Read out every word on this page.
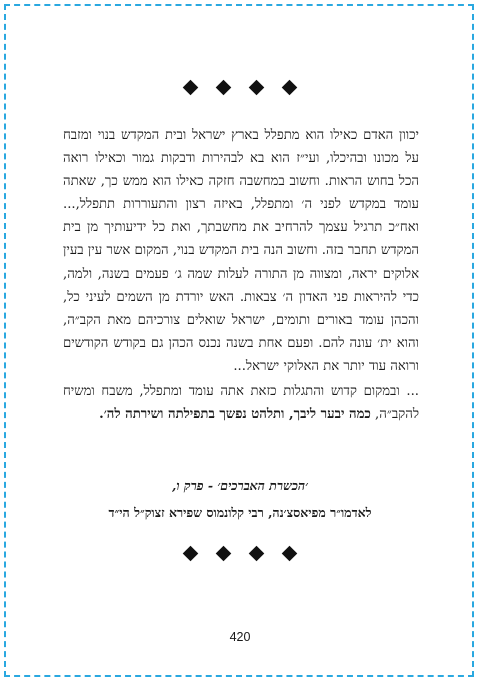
יכוון האדם כאילו הוא מתפלל בארץ ישראל ובית המקדש בנוי ומזבח על מכונו ובהיכלו, ועי״ז הוא בא לבהירות ודבקות גמור וכאילו רואה הכל בחוש הראות. וחשוב במחשבה חזקה כאילו הוא ממש כך, שאתה עומד במקדש לפני ה׳ ומתפלל, באיזה רצון והתעוררות תתפלל,... ואח״כ תרגיל עצמך להרחיב את מחשבתך, ואת כל ידיעותיך מן בית המקדש תחבר בזה. וחשוב הנה בית המקדש בנוי, המקום אשר עין בעין אלוקים יראה, ומצווה מן התורה לעלות שמה ג׳ פעמים בשנה, ולמה, כדי להיראות פני האדון ה׳ צבאות. האש יורדת מן השמים לעיני כל, והכהן עומד באורים ותומים, ישראל שואלים צורכיהם מאת הקב״ה, והוא ית׳ עונה להם. ופעם אחת בשנה נכנס הכהן גם בקודש הקודשים ורואה עוד יותר את האלוקי ישראל...

... ובמקום קדוש והתגלות כזאת אתה עומד ומתפלל, משבח ומשיח להקב״ה, כמה יבער ליבך, ותלהט נפשך בתפילתה ושירתה לה׳.

׳הכשרת האברכים׳ - פרק ו,
לאדמו״ר מפיאסצ׳נה, רבי קלונמוס שפירא זצוק״ל הי״ד
420
